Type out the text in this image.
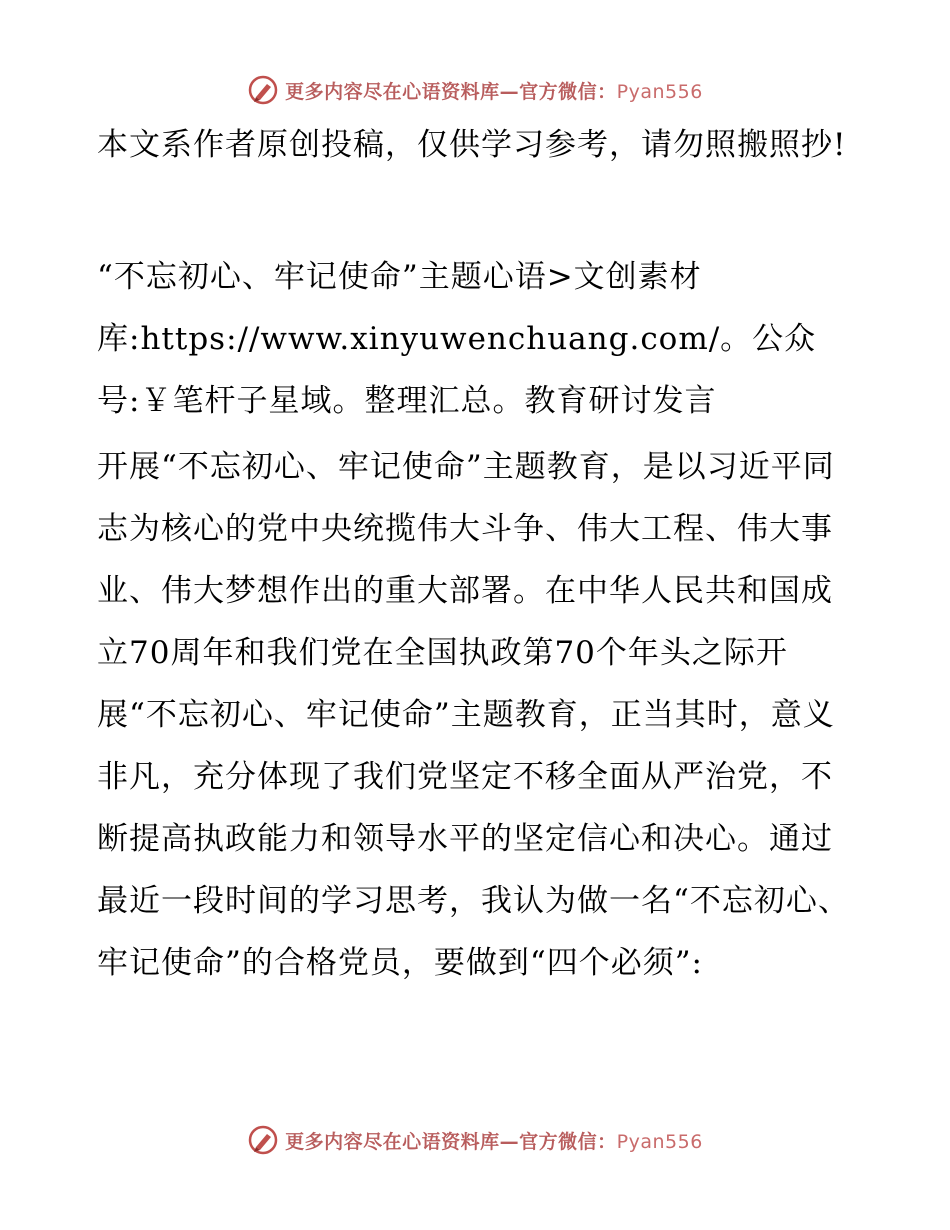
更多内容尽在心语资料库—官方微信：Pyan556

本文系作者原创投稿，仅供学习参考，请勿照搬照抄!

“不忘初心、牢记使命”主题心语>文创素材库:https://www.xinyuwenchuang.com/。公众号:￥笔杆子星域。整理汇总。教育研讨发言

开展“不忘初心、牢记使命”主题教育，是以习近平同志为核心的党中央统揽伟大斗争、伟大工程、伟大事业、伟大梦想作出的重大部署。在中华人民共和国成立70周年和我们党在全国执政第70个年头之际开展“不忘初心、牢记使命”主题教育，正当其时，意义非凡，充分体现了我们党坚定不移全面从严治党，不断提高执政能力和领导水平的坚定信心和决心。通过最近一段时间的学习思考，我认为做一名“不忘初心、牢记使命”的合格党员，要做到“四个必须”:

更多内容尽在心语资料库—官方微信：Pyan556
